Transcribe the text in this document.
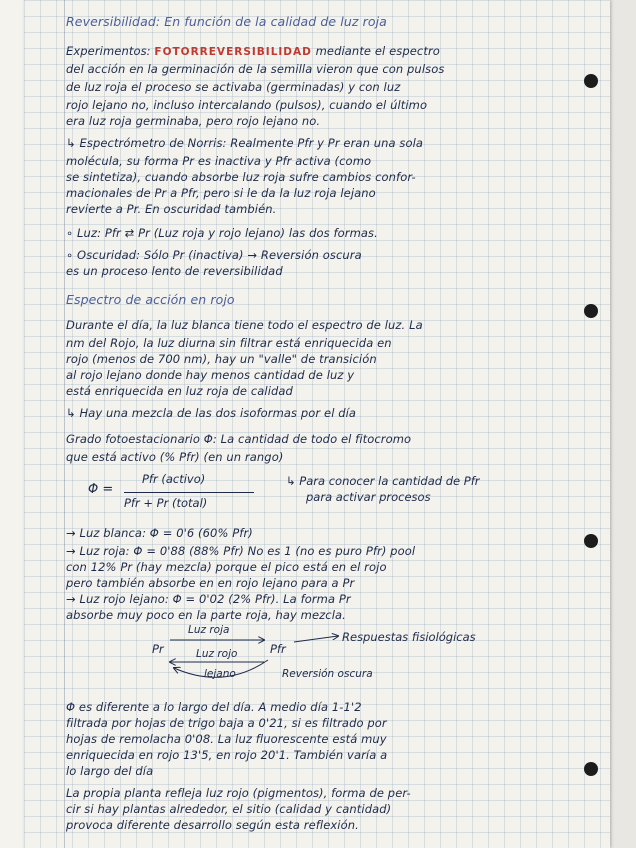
Reversibilidad: En función de la calidad de luz roja
Experimentos: FOTORREVERSIBILIDAD mediante el espectro
del acción en la germinación de la semilla vieron que con pulsos
de luz roja el proceso se activaba (germinadas) y con luz
rojo lejano no, incluso intercalando (pulsos), cuando el último
era luz roja germinaba, pero rojo lejano no.
↳ Espectrómetro de Norris: Realmente Pfr y Pr eran una sola
molécula, su forma Pr es inactiva y Pfr activa (como
se sintetiza), cuando absorbe luz roja sufre cambios confor-
macionales de Pr a Pfr, pero si le da la luz roja lejano
revierte a Pr. En oscuridad también.
∘ Luz: Pfr ⇄ Pr (Luz roja y rojo lejano) las dos formas.
∘ Oscuridad: Sólo Pr (inactiva) → Reversión oscura
es un proceso lento de reversibilidad
Espectro de acción en rojo
Durante el día, la luz blanca tiene todo el espectro de luz. La
nm del Rojo, la luz diurna sin filtrar está enriquecida en
rojo (menos de 700 nm), hay un "valle" de transición
al rojo lejano donde hay menos cantidad de luz y
está enriquecida en luz roja de calidad
↳ Hay una mezcla de las dos isoformas por el día
Grado fotoestacionario Φ: La cantidad de todo el fitocromo
que está activo (% Pfr) (en un rango)
Φ =
Pfr (activo)
Pfr + Pr (total)
↳ Para conocer la cantidad de Pfr
para activar procesos
→ Luz blanca: Φ = 0'6 (60% Pfr)
→ Luz roja: Φ = 0'88 (88% Pfr) No es 1 (no es puro Pfr) pool
con 12% Pr (hay mezcla) porque el pico está en el rojo
pero también absorbe en en rojo lejano para a Pr
→ Luz rojo lejano: Φ = 0'02 (2% Pfr). La forma Pr
absorbe muy poco en la parte roja, hay mezcla.
Pr	Pfr
Luz roja
Luz rojo
lejano
Respuestas fisiológicas
Reversión oscura
Φ es diferente a lo largo del día. A medio día 1-1'2
filtrada por hojas de trigo baja a 0'21, si es filtrado por
hojas de remolacha 0'08. La luz fluorescente está muy
enriquecida en rojo 13'5, en rojo 20'1. También varía a
lo largo del día
La propia planta refleja luz rojo (pigmentos), forma de per-
cir si hay plantas alrededor, el sitio (calidad y cantidad)
provoca diferente desarrollo según esta reflexión.
